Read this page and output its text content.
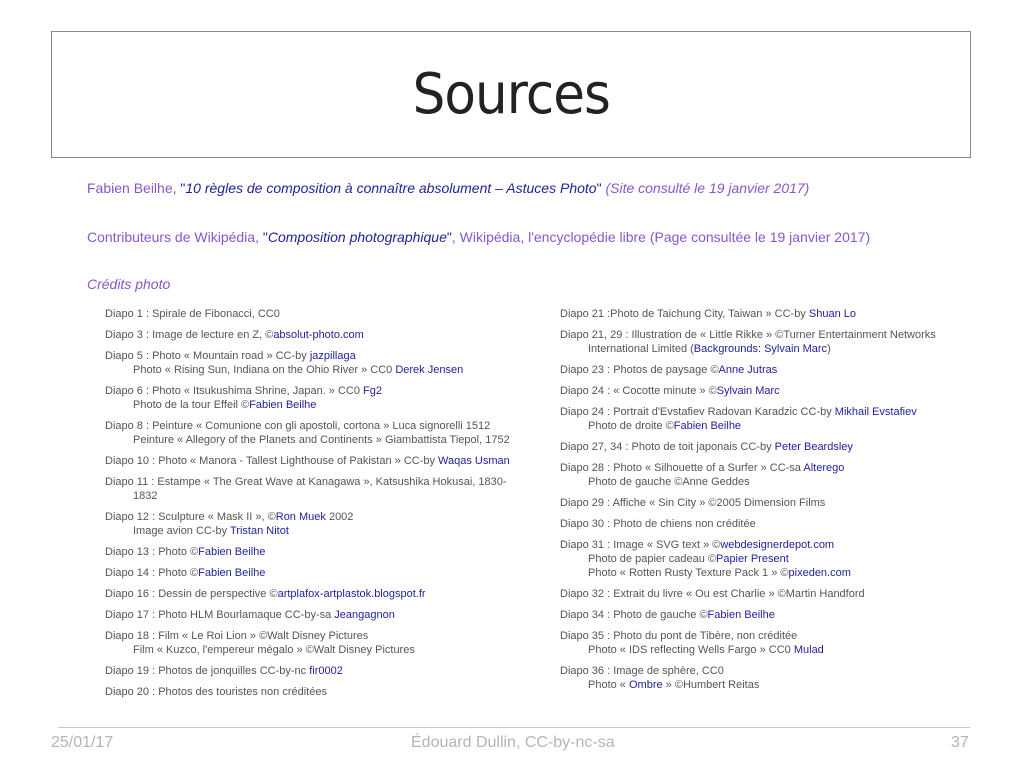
Sources
Fabien Beilhe, "10 règles de composition à connaître absolument – Astuces Photo" (Site consulté le 19 janvier 2017)
Contributeurs de Wikipédia, "Composition photographique", Wikipédia, l'encyclopédie libre (Page consultée le 19 janvier 2017)
Crédits photo
Diapo 1 : Spirale de Fibonacci, CC0
Diapo 3 : Image de lecture en Z, ©absolut-photo.com
Diapo 5 : Photo « Mountain road » CC-by jazpillaga
Photo « Rising Sun, Indiana on the Ohio River » CC0 Derek Jensen
Diapo 6 : Photo « Itsukushima Shrine, Japan. » CC0 Fg2
Photo de la tour Effeil ©Fabien Beilhe
Diapo 8 : Peinture « Comunione con gli apostoli, cortona » Luca signorelli 1512
Peinture « Allegory of the Planets and Continents » Giambattista Tiepol, 1752
Diapo 10 : Photo « Manora - Tallest Lighthouse of Pakistan » CC-by Waqas Usman
Diapo 11 : Estampe « The Great Wave at Kanagawa », Katsushika Hokusai, 1830-
1832
Diapo 12 : Sculpture « Mask II », ©Ron Muek 2002
Image avion CC-by Tristan Nitot
Diapo 13 : Photo ©Fabien Beilhe
Diapo 14 : Photo ©Fabien Beilhe
Diapo 16 : Dessin de perspective ©artplafox-artplastok.blogspot.fr
Diapo 17 : Photo HLM Bourlamaque CC-by-sa Jeangagnon
Diapo 18 : Film « Le Roi Lion » ©Walt Disney Pictures
Film « Kuzco, l'empereur mégalo » ©Walt Disney Pictures
Diapo 19 : Photos de jonquilles CC-by-nc fir0002
Diapo 20 : Photos des touristes non créditées
Diapo 21 :Photo de Taichung City, Taiwan » CC-by Shuan Lo
Diapo 21, 29 : Illustration de « Little Rikke » ©Turner Entertainment Networks
International Limited (Backgrounds: Sylvain Marc)
Diapo 23 : Photos de paysage ©Anne Jutras
Diapo 24 : « Cocotte minute » ©Sylvain Marc
Diapo 24 : Portrait d'Evstafiev Radovan Karadzic CC-by Mikhail Evstafiev
Photo de droite ©Fabien Beilhe
Diapo 27, 34 : Photo de toit japonais CC-by Peter Beardsley
Diapo 28 : Photo « Silhouette of a Surfer » CC-sa Alterego
Photo de gauche ©Anne Geddes
Diapo 29 : Affiche « Sin City » ©2005 Dimension Films
Diapo 30 : Photo de chiens non créditée
Diapo 31 : Image « SVG text » ©webdesignerdepot.com
Photo de papier cadeau ©Papier Present
Photo « Rotten Rusty Texture Pack 1 » ©pixeden.com
Diapo 32 : Extrait du livre « Ou est Charlie » ©Martin Handford
Diapo 34 : Photo de gauche ©Fabien Beilhe
Diapo 35 : Photo du pont de Tibère, non créditée
Photo « IDS reflecting Wells Fargo » CC0 Mulad
Diapo 36 : Image de sphère, CC0
Photo « Ombre » ©Humbert Reitas
25/01/17	Édouard Dullin, CC-by-nc-sa	37
